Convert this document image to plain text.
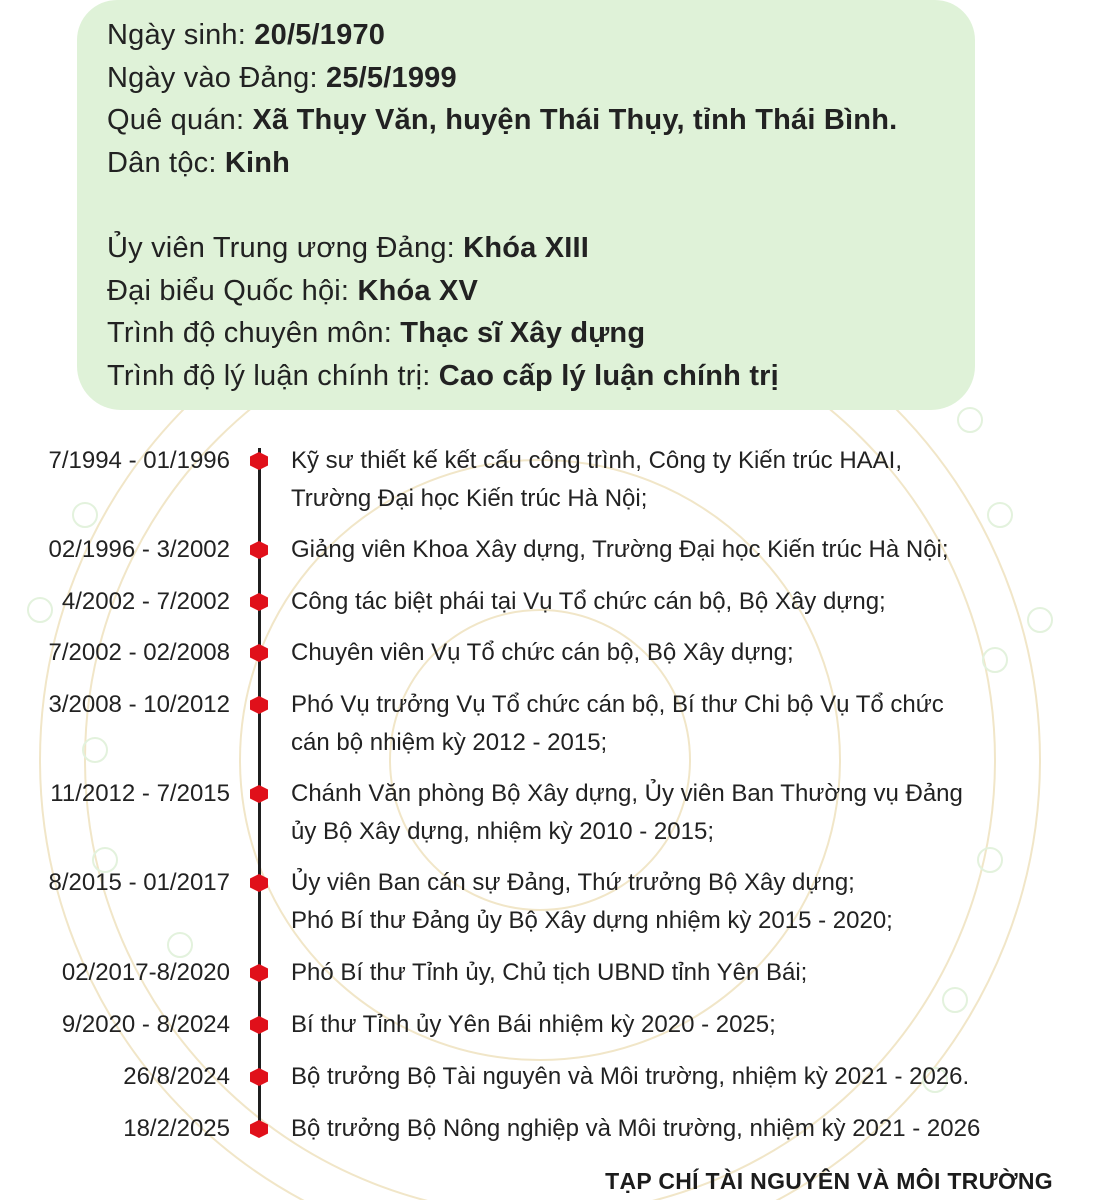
Ngày sinh: 20/5/1970
Ngày vào Đảng: 25/5/1999
Quê quán: Xã Thụy Văn, huyện Thái Thụy, tỉnh Thái Bình.
Dân tộc: Kinh
Ủy viên Trung ương Đảng: Khóa XIII
Đại biểu Quốc hội: Khóa XV
Trình độ chuyên môn: Thạc sĩ Xây dựng
Trình độ lý luận chính trị: Cao cấp lý luận chính trị
7/1994 - 01/1996	Kỹ sư thiết kế kết cấu công trình, Công ty Kiến trúc HAAI,
Trường Đại học Kiến trúc Hà Nội;
02/1996 - 3/2002	Giảng viên Khoa Xây dựng, Trường Đại học Kiến trúc Hà Nội;
4/2002 - 7/2002	Công tác biệt phái tại Vụ Tổ chức cán bộ, Bộ Xây dựng;
7/2002 - 02/2008	Chuyên viên Vụ Tổ chức cán bộ, Bộ Xây dựng;
3/2008 - 10/2012	Phó Vụ trưởng Vụ Tổ chức cán bộ, Bí thư Chi bộ Vụ Tổ chức
cán bộ nhiệm kỳ 2012 - 2015;
11/2012 - 7/2015	Chánh Văn phòng Bộ Xây dựng, Ủy viên Ban Thường vụ Đảng
ủy Bộ Xây dựng, nhiệm kỳ 2010 - 2015;
8/2015 - 01/2017	Ủy viên Ban cán sự Đảng, Thứ trưởng Bộ Xây dựng;
Phó Bí thư Đảng ủy Bộ Xây dựng nhiệm kỳ 2015 - 2020;
02/2017-8/2020	Phó Bí thư Tỉnh ủy, Chủ tịch UBND tỉnh Yên Bái;
9/2020 - 8/2024	Bí thư Tỉnh ủy Yên Bái nhiệm kỳ 2020 - 2025;
26/8/2024	Bộ trưởng Bộ Tài nguyên và Môi trường, nhiệm kỳ 2021 - 2026.
18/2/2025	Bộ trưởng Bộ Nông nghiệp và Môi trường, nhiệm kỳ 2021 - 2026
TẠP CHÍ TÀI NGUYÊN VÀ MÔI TRƯỜNG
